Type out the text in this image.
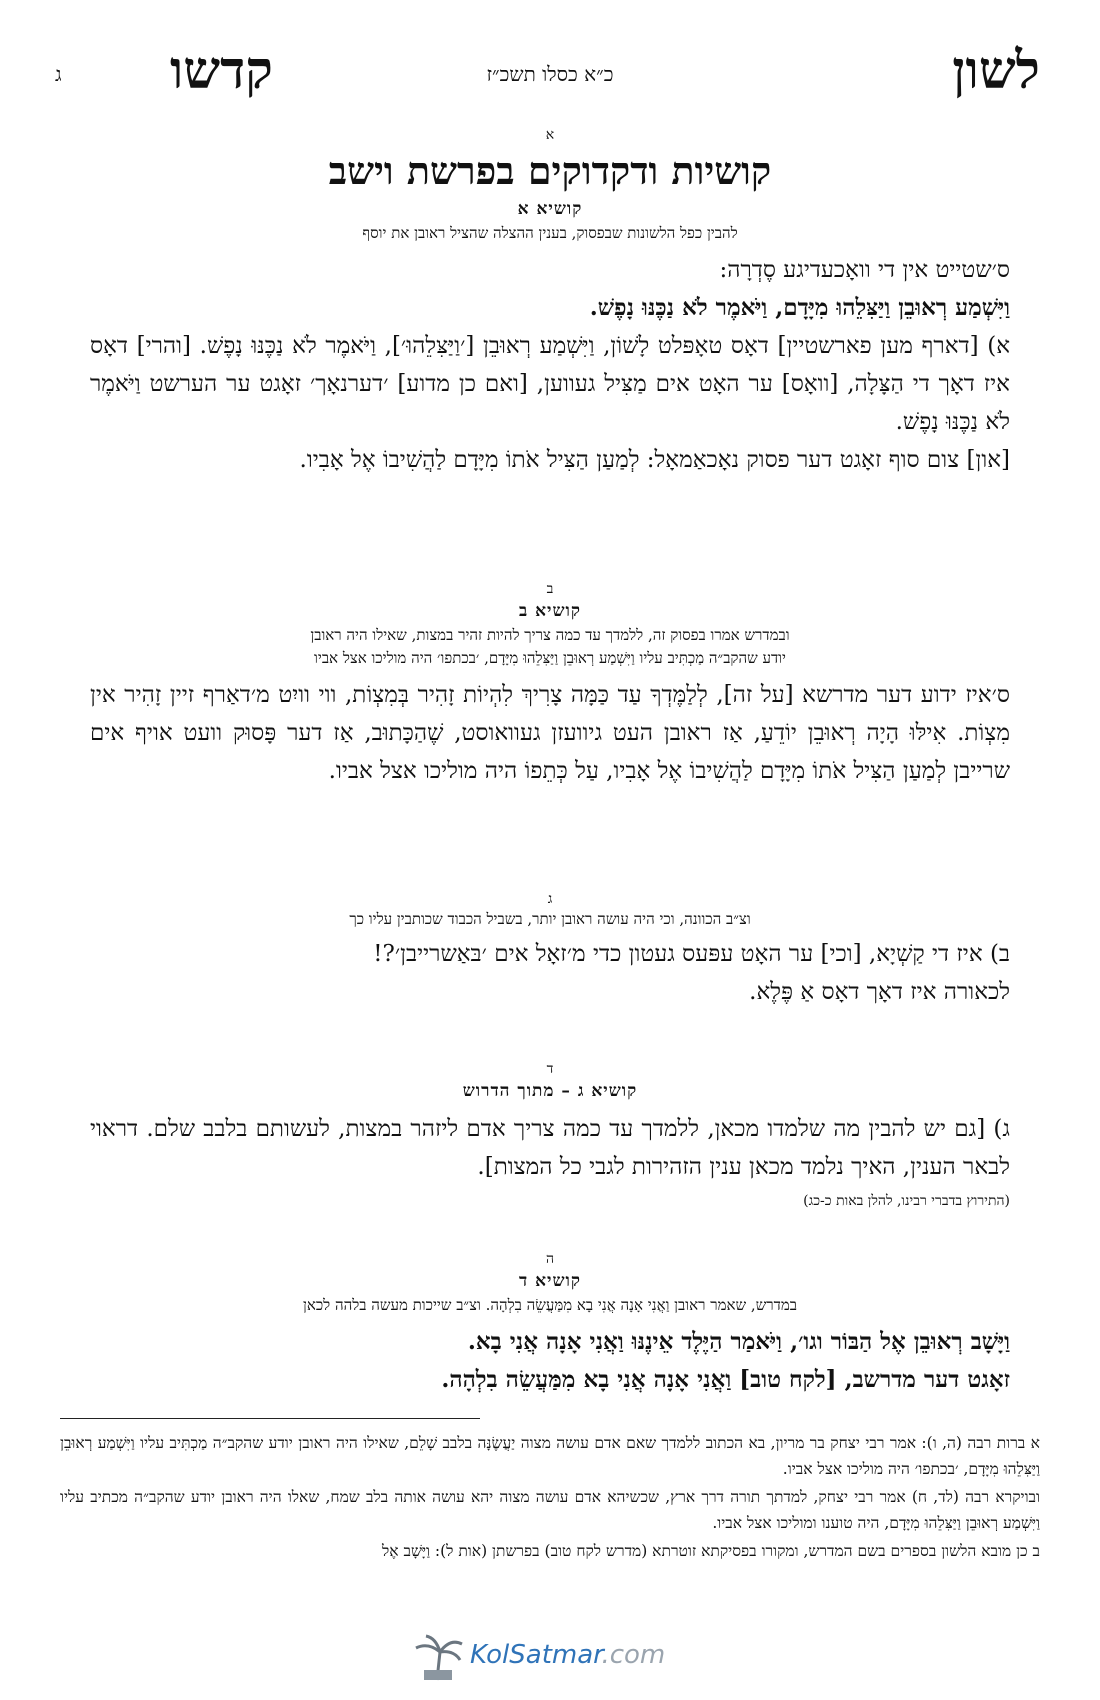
לשון
כ״א כסלו תשכ״ז
קדשו
ג
א
קושיות ודקדוקים בפרשת וישב
קושיא א
להבין כפל הלשונות שבפסוק, בענין ההצלה שהציל ראובן את יוסף
ס׳שטייט אין די וואָכעדיגע סֶדְרָה:
וַיִּשְׁמַע רְאוּבֵן וַיַּצִּלֵהוּ מִיָּדָם, וַיֹּאמֶר לֹא נַכֶּנּוּ נָפֶשׁ.
א) [דארף מען פארשטיין] דאָס טאָפּלט לָשׁוֹן, וַיִּשְׁמַע רְאוּבֵן [׳וַיַּצִּלֵהוּ׳], וַיֹּאמֶר לֹא נַכֶּנּוּ נָפֶשׁ. [והרי] דאָס איז דאָך די הַצָּלָה, [וואָס] ער האָט אים מַצִּיל געווען, [ואם כן מדוע] ׳דערנאָך׳ זאָגט ער הערשט וַיֹּאמֶר לֹא נַכֶּנּוּ נָפֶשׁ.
[און] צום סוף זאָגט דער פסוק נאָכאַמאָל: לְמַעַן הַצִּיל אֹתוֹ מִיָּדָם לַהֲשִׁיבוֹ אֶל אָבִיו.
ב
קושיא ב
ובמדרש אמרו בפסוק זה, ללמדך עד כמה צריך להיות זהיר במצות, שאילו היה ראובן
יודע שהקב״ה מַכְתִּיב עליו וַיִּשְׁמַע רְאוּבֵן וַיַּצִּלֵהוּ מִיָּדָם, ׳בכתפו׳ היה מוליכו אצל אביו
ס׳איז ידוע דער מדרשא [על זה], לְלַמֶּדְךָ עַד כַּמָּה צָרִיךְ לִהְיוֹת זָהִיר בְּמִצְוֹת, ווי וויִט מ׳דאַרף זיין זָהִיר אין מִצְוֹת. אִילּוּ הָיָה רְאוּבֵן יוֹדֵעַ, אַז ראובן העט גיוועזן געוואוסט, שֶׁהַכָּתוּב, אַז דער פָּסוּק וועט אויף אים שרייבן לְמַעַן הַצִּיל אֹתוֹ מִיָּדָם לַהֲשִׁיבוֹ אֶל אָבִיו, עַל כְּתֵפוֹ היה מוליכו אצל אביו.
ג
וצ״ב הכוונה, וכי היה עושה ראובן יותר, בשביל הכבוד שכותבין עליו כך
ב) איז די קַשְׁיָא, [וכי] ער האָט עפּעס געטון כדי מ׳זאָל אים ׳בּאַשרייבן׳?!
לכאורה איז דאָך דאָס אַ פֶּלֶא.
ד
קושיא ג – מתוך הדרוש
ג) [גם יש להבין מה שלמדו מכאן, ללמדך עד כמה צריך אדם ליזהר במצות, לעשותם בלבב שלם. דראוי לבאר הענין, האיך נלמד מכאן ענין הזהירות לגבי כל המצות].
(התירוץ בדברי רבינו, להלן באות כ-כג)
ה
קושיא ד
במדרש, שאמר ראובן וַאֲנִי אָנָה אֲנִי בָא מִמַּעֲשֵׂה בִלְהָה. וצ״ב שייכות מעשה בלהה לכאן
וַיָּשָׁב רְאוּבֵן אֶל הַבּוֹר וגו׳, וַיֹּאמַר הַיֶּלֶד אֵינֶנּוּ וַאֲנִי אָנָה אֲנִי בָא.
זאָגט דער מדרשב, [לקח טוב] וַאֲנִי אָנָה אֲנִי בָא מִמַּעֲשֵׂה בִלְהָה.

א ברות רבה (ה, ו): אמר רבי יצחק בר מריון, בא הכתוב ללמדך שאם אדם עושה מצוה יַעֲשֶׂנָּה בלבב שָׁלֵם, שאילו היה ראובן יודע שהקב״ה מַכְתִּיב עליו וַיִּשְׁמַע רְאוּבֵן וַיַּצִּלֵהוּ מִיָּדָם, ׳בכתפו׳ היה מוליכו אצל אביו.

ובויקרא רבה (לד, ח) אמר רבי יצחק, למדתך תורה דרך ארץ, שכשיהא אדם עושה מצוה יהא עושה אותה בלב שמח, שאלו היה ראובן יודע שהקב״ה מכתיב עליו וַיִּשְׁמַע רְאוּבֵן וַיַּצִּלֵהוּ מִיָּדָם, היה טוענו ומוליכו אצל אביו.

ב כן מובא הלשון בספרים בשם המדרש, ומקורו בפסיקתא זוטרתא (מדרש לקח טוב) בפרשתן (אות ל): וַיָּשָׁב אֶל

KolSatmar.com
